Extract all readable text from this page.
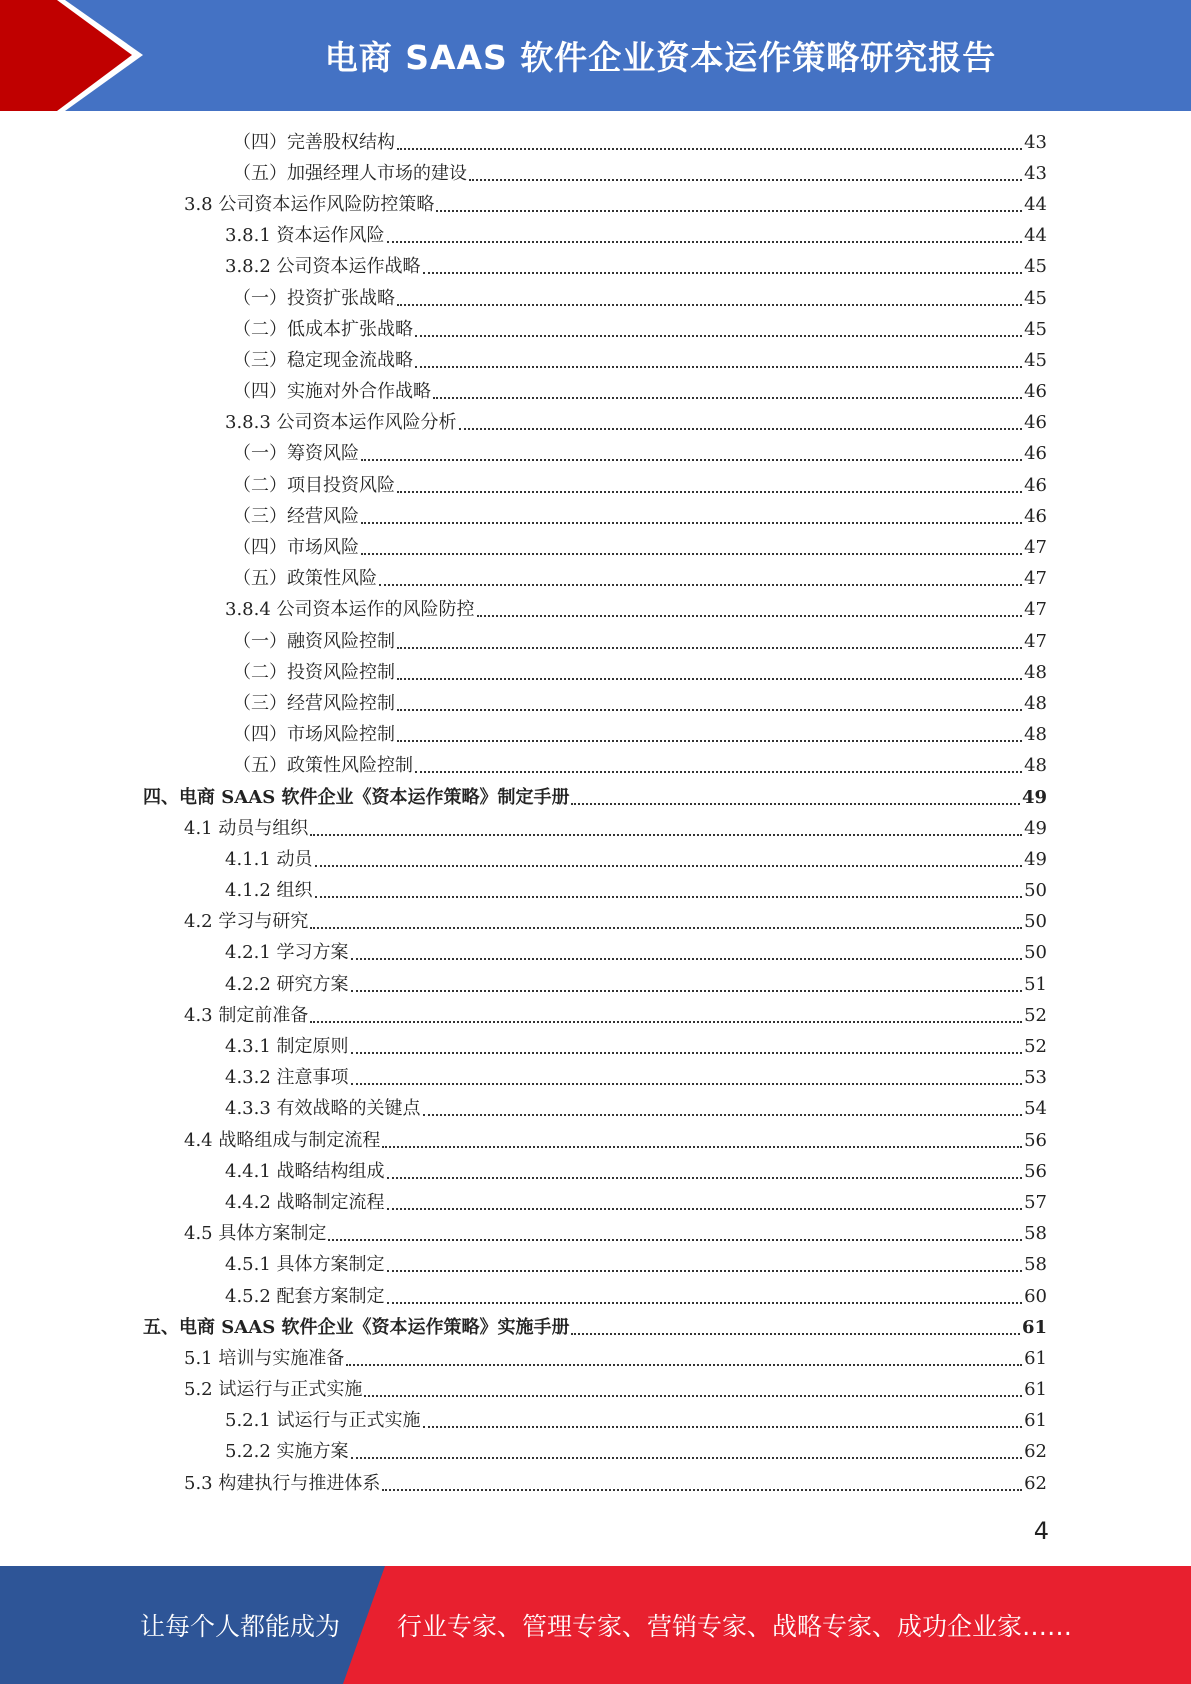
电商 SAAS 软件企业资本运作策略研究报告
（四）完善股权结构	43
（五）加强经理人市场的建设	43
3.8 公司资本运作风险防控策略	44
3.8.1 资本运作风险	44
3.8.2 公司资本运作战略	45
（一）投资扩张战略	45
（二）低成本扩张战略	45
（三）稳定现金流战略	45
（四）实施对外合作战略	46
3.8.3 公司资本运作风险分析	46
（一）筹资风险	46
（二）项目投资风险	46
（三）经营风险	46
（四）市场风险	47
（五）政策性风险	47
3.8.4 公司资本运作的风险防控	47
（一）融资风险控制	47
（二）投资风险控制	48
（三）经营风险控制	48
（四）市场风险控制	48
（五）政策性风险控制	48
四、电商 SAAS 软件企业《资本运作策略》制定手册	49
4.1 动员与组织	49
4.1.1 动员	49
4.1.2 组织	50
4.2 学习与研究	50
4.2.1 学习方案	50
4.2.2 研究方案	51
4.3 制定前准备	52
4.3.1 制定原则	52
4.3.2 注意事项	53
4.3.3 有效战略的关键点	54
4.4 战略组成与制定流程	56
4.4.1 战略结构组成	56
4.4.2 战略制定流程	57
4.5 具体方案制定	58
4.5.1 具体方案制定	58
4.5.2 配套方案制定	60
五、电商 SAAS 软件企业《资本运作策略》实施手册	61
5.1 培训与实施准备	61
5.2 试运行与正式实施	61
5.2.1 试运行与正式实施	61
5.2.2 实施方案	62
5.3 构建执行与推进体系	62
4
让每个人都能成为 行业专家、管理专家、营销专家、战略专家、成功企业家……
